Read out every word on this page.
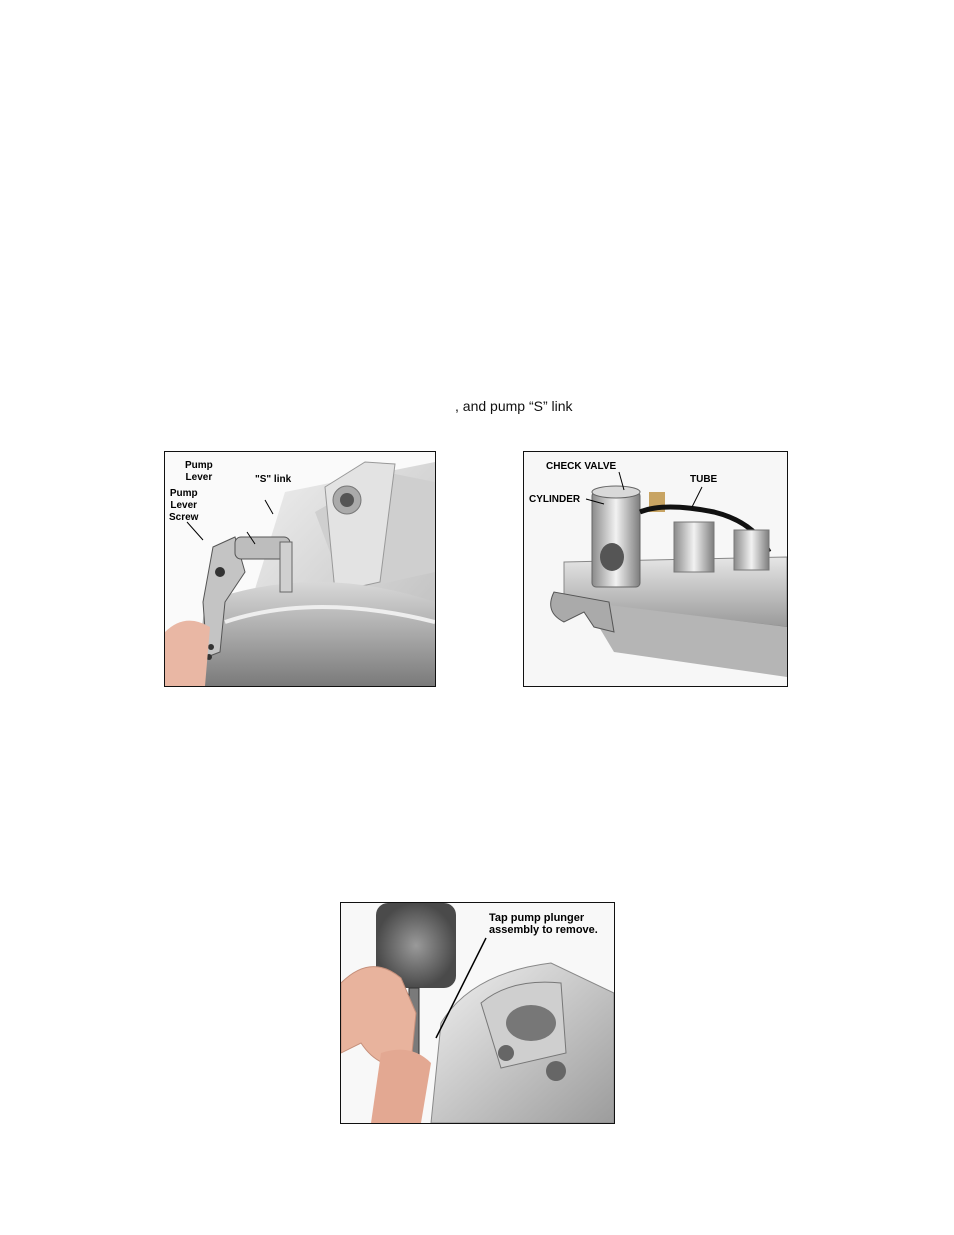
, and pump “S” link
Pump
Lever	"S" link
Pump
Lever
Screw
CHECK VALVE
TUBE
CYLINDER
Tap pump plunger
assembly to remove.
